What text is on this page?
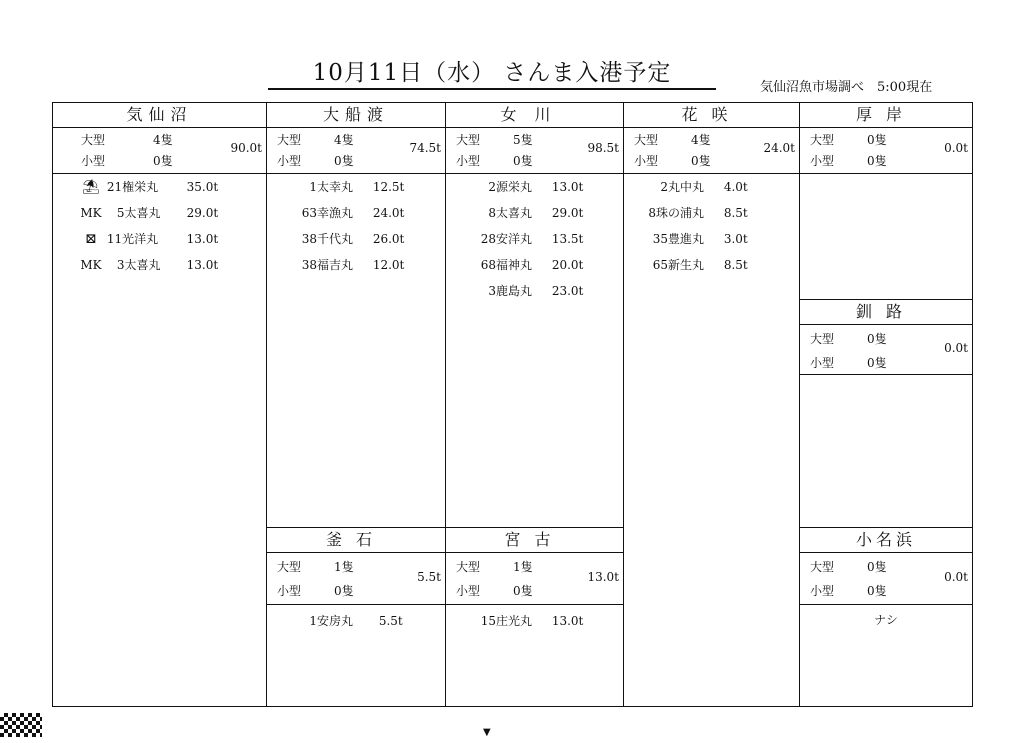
10月11日（水） さんま入港予定
気仙沼魚市場調べ　5:00現在
気仙沼
大型	4隻
小型	0隻
90.0t
⛱ 21権栄丸 35.0t
MK 5太喜丸 29.0t
⊠ 11光洋丸 13.0t
MK 3太喜丸 13.0t
大船渡
大型	4隻
小型	0隻
74.5t
1太幸丸 12.5t
63幸漁丸 24.0t
38千代丸 26.0t
38福吉丸 12.0t
女川
大型	5隻
小型	0隻
98.5t
2源栄丸 13.0t
8太喜丸 29.0t
28安洋丸 13.5t
68福神丸 20.0t
3鹿島丸 23.0t
花咲
大型	4隻
小型	0隻
24.0t
2丸中丸 4.0t
8珠の浦丸 8.5t
35豊進丸 3.0t
65新生丸 8.5t
厚岸
大型	0隻
小型	0隻
0.0t
釧路
大型	0隻
小型	0隻
0.0t
釜石
大型	1隻
小型	0隻
5.5t
1安房丸 5.5t
宮古
大型	1隻
小型	0隻
13.0t
15庄光丸 13.0t
小名浜
大型	0隻
小型	0隻
0.0t
ナシ
▼
